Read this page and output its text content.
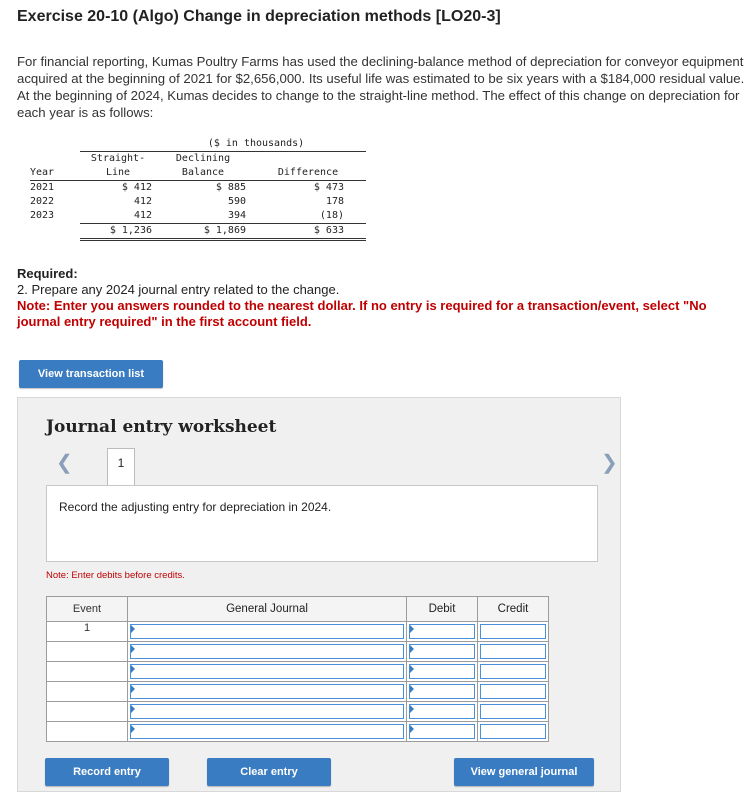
Exercise 20-10 (Algo) Change in depreciation methods [LO20-3]
For financial reporting, Kumas Poultry Farms has used the declining-balance method of depreciation for conveyor equipment acquired at the beginning of 2021 for $2,656,000. Its useful life was estimated to be six years with a $184,000 residual value. At the beginning of 2024, Kumas decides to change to the straight-line method. The effect of this change on depreciation for each year is as follows:
	($ in thousands)		
	Straight-	Declining	
Year	Line	Balance	Difference
2021	$ 412	$ 885	$ 473
2022	412	590	178
2023	412	394	(18)
	$ 1,236	$ 1,869	$ 633
Required:
2. Prepare any 2024 journal entry related to the change.
Note: Enter you answers rounded to the nearest dollar. If no entry is required for a transaction/event, select "No journal entry required" in the first account field.
View transaction list
Journal entry worksheet
❮	1	❯
Record the adjusting entry for depreciation in 2024.
Note: Enter debits before credits.
Event	General Journal	Debit	Credit
1	

Record entry	Clear entry	View general journal
